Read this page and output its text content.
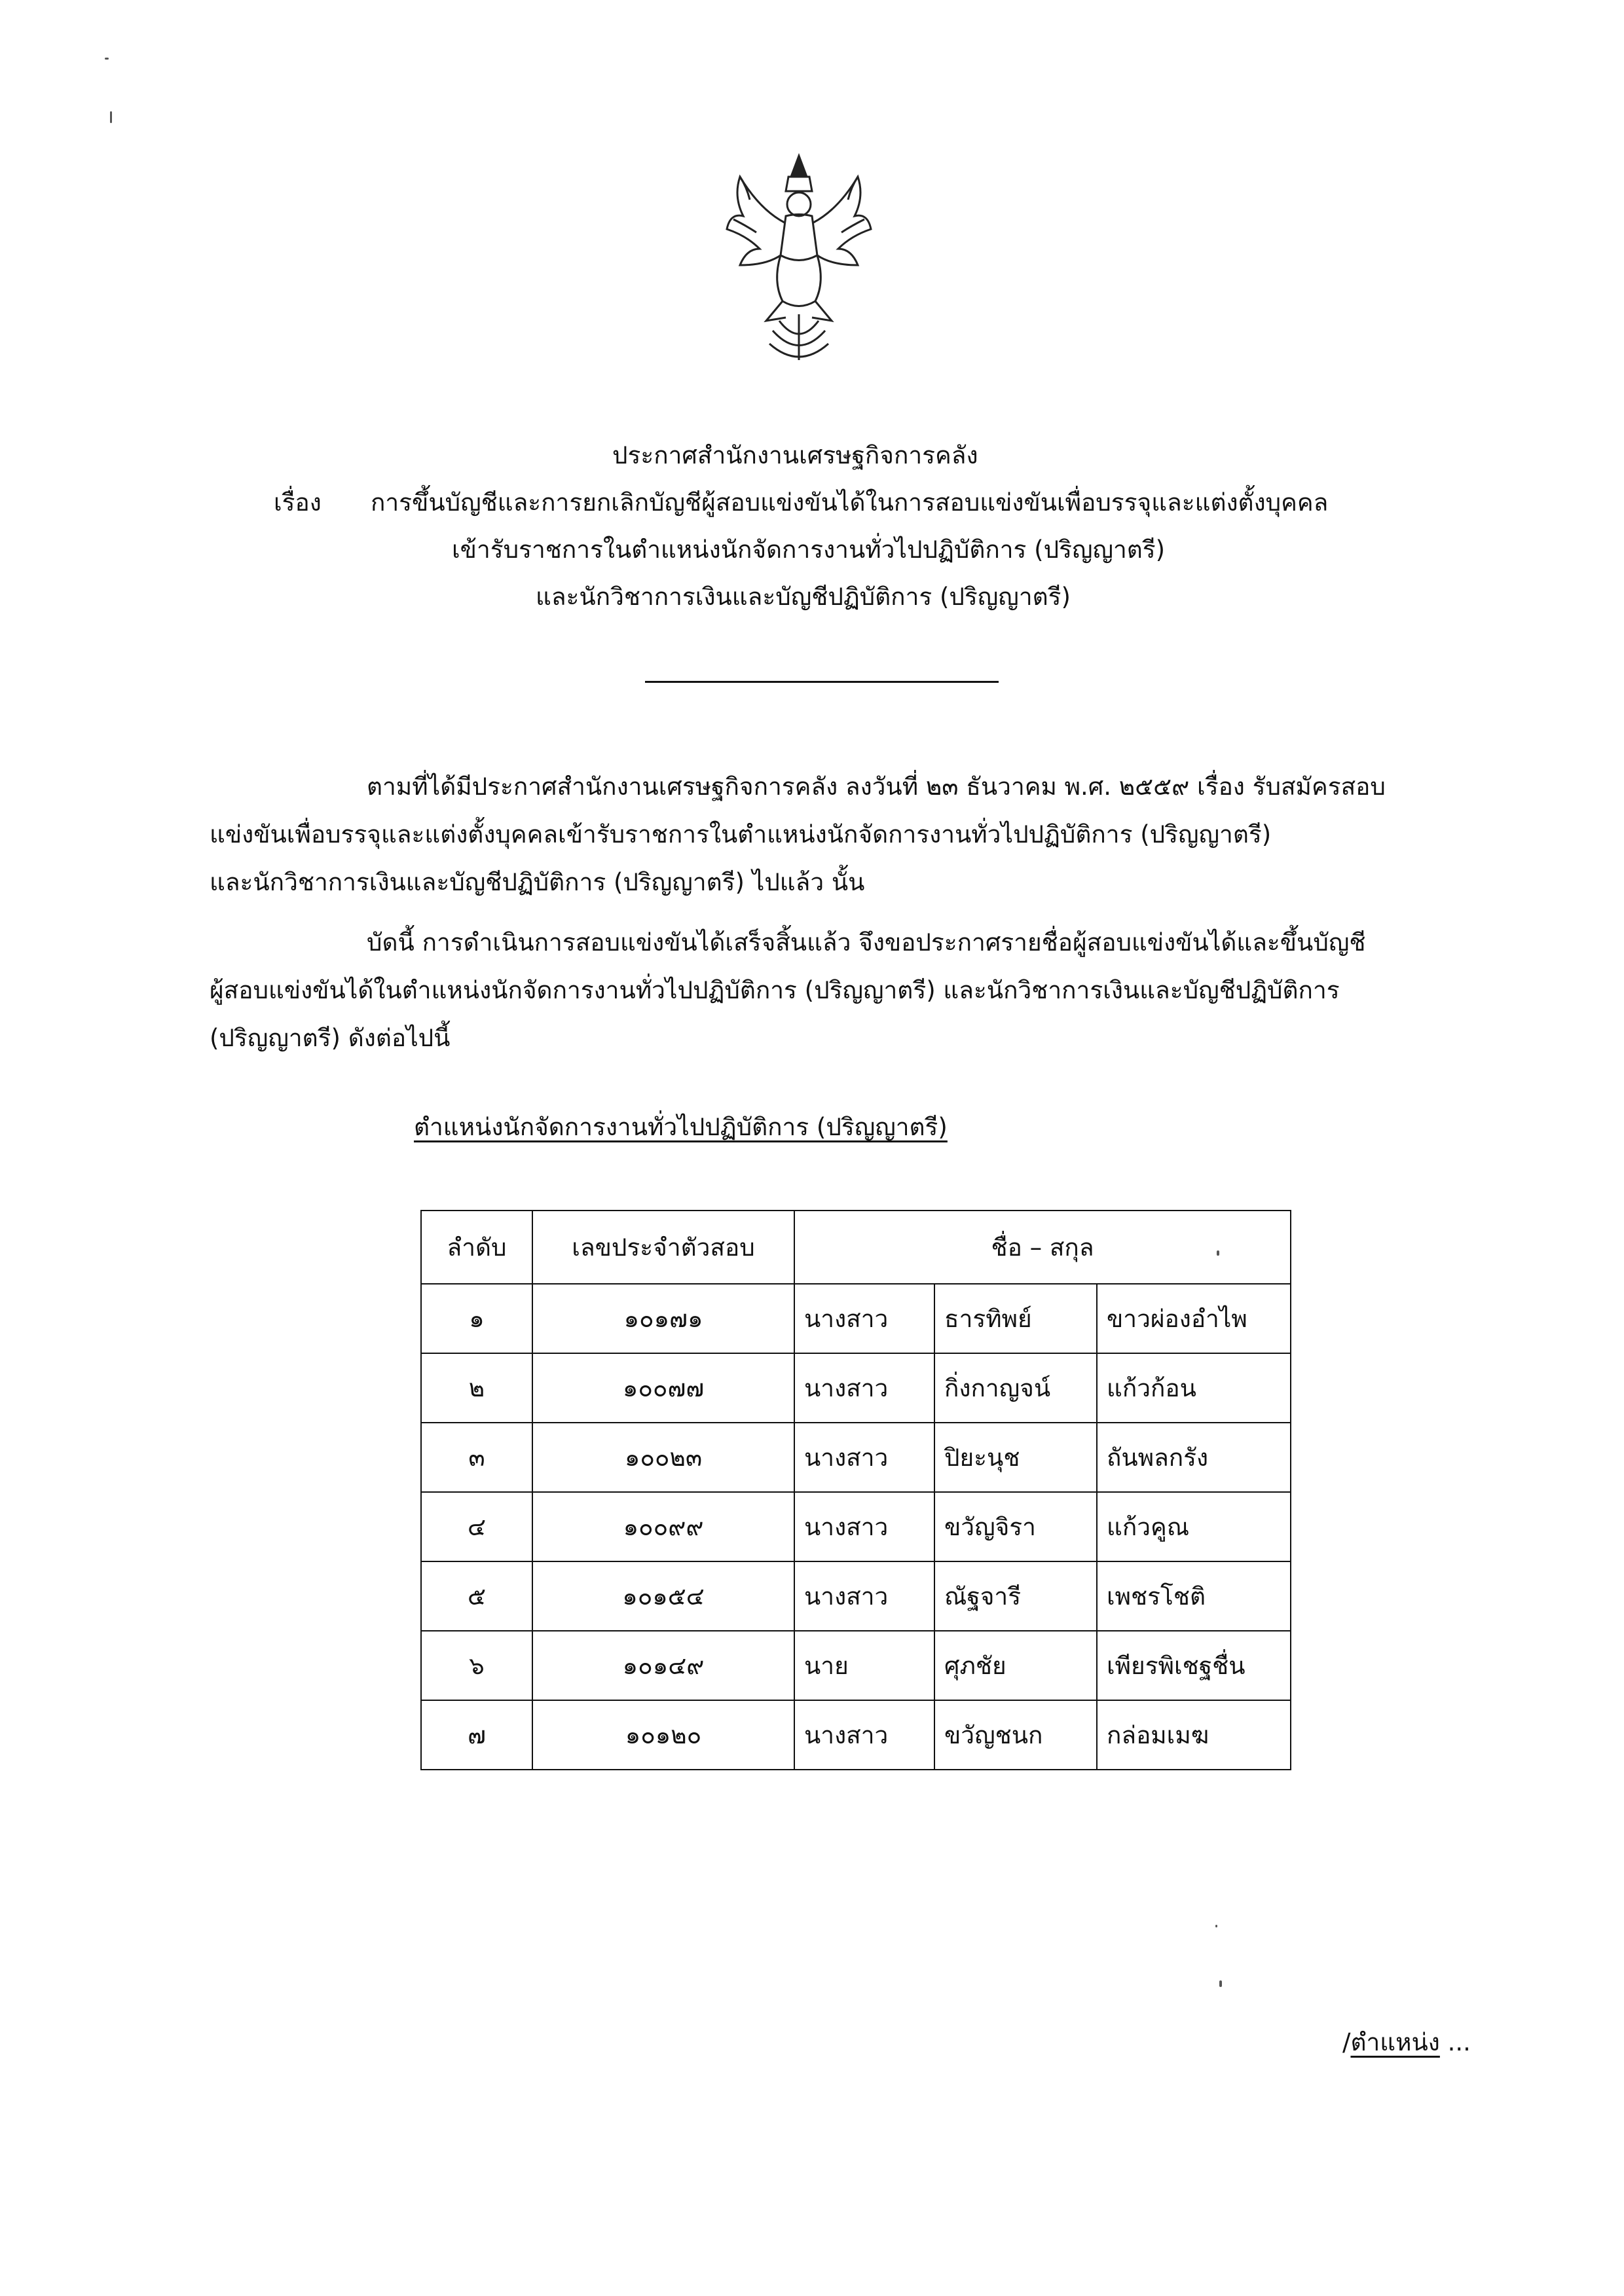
ประกาศสำนักงานเศรษฐกิจการคลัง
เรื่อง การขึ้นบัญชีและการยกเลิกบัญชีผู้สอบแข่งขันได้ในการสอบแข่งขันเพื่อบรรจุและแต่งตั้งบุคคล
เข้ารับราชการในตำแหน่งนักจัดการงานทั่วไปปฏิบัติการ (ปริญญาตรี)
และนักวิชาการเงินและบัญชีปฏิบัติการ (ปริญญาตรี)
ตามที่ได้มีประกาศสำนักงานเศรษฐกิจการคลัง ลงวันที่ ๒๓ ธันวาคม พ.ศ. ๒๕๕๙ เรื่อง รับสมัครสอบ
แข่งขันเพื่อบรรจุและแต่งตั้งบุคคลเข้ารับราชการในตำแหน่งนักจัดการงานทั่วไปปฏิบัติการ (ปริญญาตรี)
และนักวิชาการเงินและบัญชีปฏิบัติการ (ปริญญาตรี) ไปแล้ว นั้น
บัดนี้ การดำเนินการสอบแข่งขันได้เสร็จสิ้นแล้ว จึงขอประกาศรายชื่อผู้สอบแข่งขันได้และขึ้นบัญชี
ผู้สอบแข่งขันได้ในตำแหน่งนักจัดการงานทั่วไปปฏิบัติการ (ปริญญาตรี) และนักวิชาการเงินและบัญชีปฏิบัติการ
(ปริญญาตรี) ดังต่อไปนี้
ตำแหน่งนักจัดการงานทั่วไปปฏิบัติการ (ปริญญาตรี)
ลำดับ	เลขประจำตัวสอบ	ชื่อ – สกุล		
๑	๑๐๑๗๑	นางสาว	ธารทิพย์	ขาวผ่องอำไพ
๒	๑๐๐๗๗	นางสาว	กิ่งกาญจน์	แก้วก้อน
๓	๑๐๐๒๓	นางสาว	ปิยะนุช	ถันพลกรัง
๔	๑๐๐๙๙	นางสาว	ขวัญจิรา	แก้วคูณ
๕	๑๐๑๕๔	นางสาว	ณัฐจารี	เพชรโชติ
๖	๑๐๑๔๙	นาย	ศุภชัย	เพียรพิเชฐชื่น
๗	๑๐๑๒๐	นางสาว	ขวัญชนก	กล่อมเมฆ
/ตำแหน่ง ...
